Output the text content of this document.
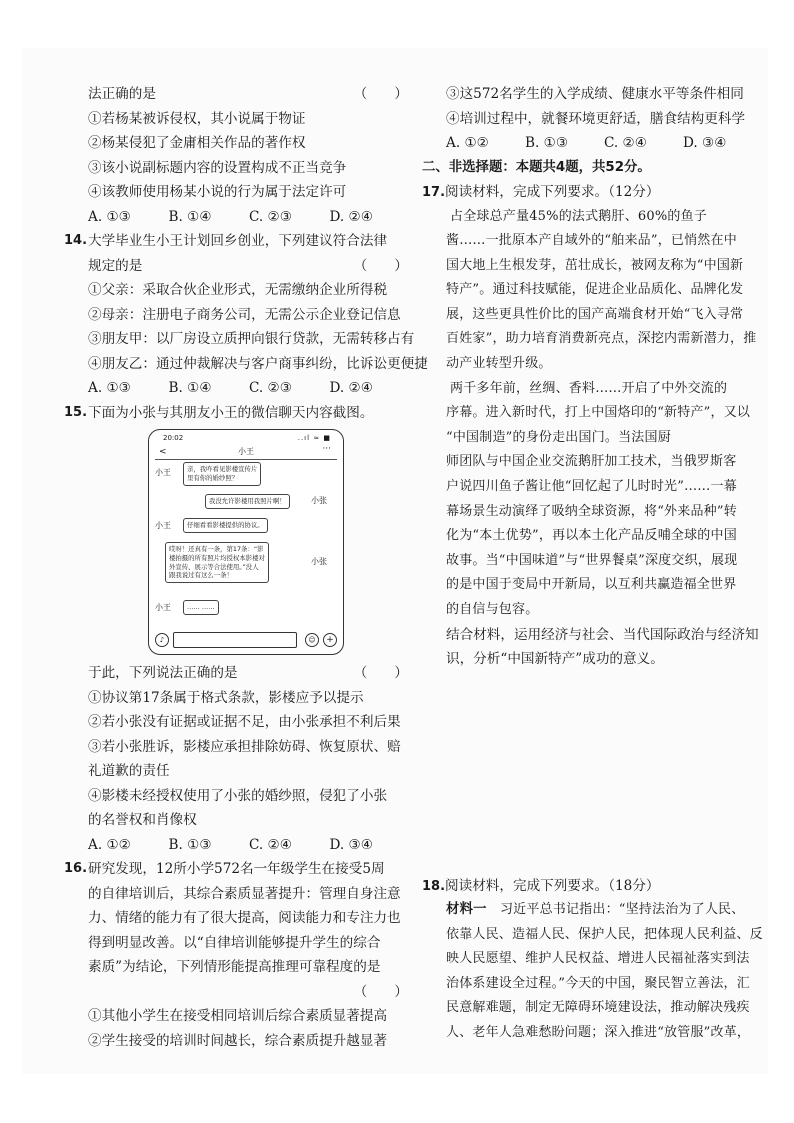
法正确的是	（　　）
①若杨某被诉侵权，其小说属于物证
②杨某侵犯了金庸相关作品的著作权
③该小说副标题内容的设置构成不正当竞争
④该教师使用杨某小说的行为属于法定许可
A. ①③	B. ①④	C. ②③	D. ②④
14. 大学毕业生小王计划回乡创业，下列建议符合法律
规定的是	（　　）
①父亲：采取合伙企业形式，无需缴纳企业所得税
②母亲：注册电子商务公司，无需公示企业登记信息
③朋友甲：以厂房设立质押向银行贷款，无需转移占有
④朋友乙：通过仲裁解决与客户商事纠纷，比诉讼更便捷
A. ①③	B. ①④	C. ②③	D. ②④
15. 下面为小张与其朋友小王的微信聊天内容截图。
20:02	..ıl ≈ ■
<	小王	···
小王	亲，我咋看见影楼宣传片
里有你的婚纱照？
我没允许影楼用我照片啊！	小张
小王	仔细看看影楼提供的协议。
哎呀！还真有一条，第17条：“影
楼拍摄的所有照片均授权本影楼对
外宣传、展示等合法使用。”没人
跟我说过有这么一条！
小张
小王	…… ……
♪	☺	+
于此，下列说法正确的是	（　　）
①协议第17条属于格式条款，影楼应予以提示
②若小张没有证据或证据不足，由小张承担不利后果
③若小张胜诉，影楼应承担排除妨碍、恢复原状、赔
礼道歉的责任
④影楼未经授权使用了小张的婚纱照，侵犯了小张
的名誉权和肖像权
A. ①②	B. ①③	C. ②④	D. ③④
16. 研究发现，12所小学572名一年级学生在接受5周
的自律培训后，其综合素质显著提升：管理自身注意
力、情绪的能力有了很大提高，阅读能力和专注力也
得到明显改善。以“自律培训能够提升学生的综合
素质”为结论，下列情形能提高推理可靠程度的是
（　　）
①其他小学生在接受相同培训后综合素质显著提高
②学生接受的培训时间越长，综合素质提升越显著
③这572名学生的入学成绩、健康水平等条件相同
④培训过程中，就餐环境更舒适，膳食结构更科学
A. ①②	B. ①③	C. ②④	D. ③④
二、非选择题：本题共4题，共52分。
17.阅读材料，完成下列要求。（12分）
占全球总产量45%的法式鹅肝、60%的鱼子
酱……一批原本产自域外的“舶来品”，已悄然在中
国大地上生根发芽，茁壮成长，被网友称为“中国新
特产”。通过科技赋能，促进企业品质化、品牌化发
展，这些更具性价比的国产高端食材开始“飞入寻常
百姓家”，助力培育消费新亮点，深挖内需新潜力，推
动产业转型升级。
两千多年前，丝绸、香料……开启了中外交流的
序幕。进入新时代，打上中国烙印的“新特产”，又以
“中国制造”的身份走出国门。当法国厨
师团队与中国企业交流鹅肝加工技术，当俄罗斯客
户说四川鱼子酱让他“回忆起了儿时时光”……一幕
幕场景生动演绎了吸纳全球资源，将“外来品种”转
化为“本土优势”，再以本土化产品反哺全球的中国
故事。当“中国味道”与“世界餐桌”深度交织，展现
的是中国于变局中开新局，以互利共赢造福全世界
的自信与包容。
结合材料，运用经济与社会、当代国际政治与经济知
识，分析“中国新特产”成功的意义。
18.阅读材料，完成下列要求。（18分）
材料一　 习近平总书记指出：“坚持法治为了人民、
依靠人民、造福人民、保护人民，把体现人民利益、反
映人民愿望、维护人民权益、增进人民福祉落实到法
治体系建设全过程。”今天的中国，聚民智立善法，汇
民意解难题，制定无障碍环境建设法，推动解决残疾
人、老年人急难愁盼问题；深入推进“放管服”改革，
